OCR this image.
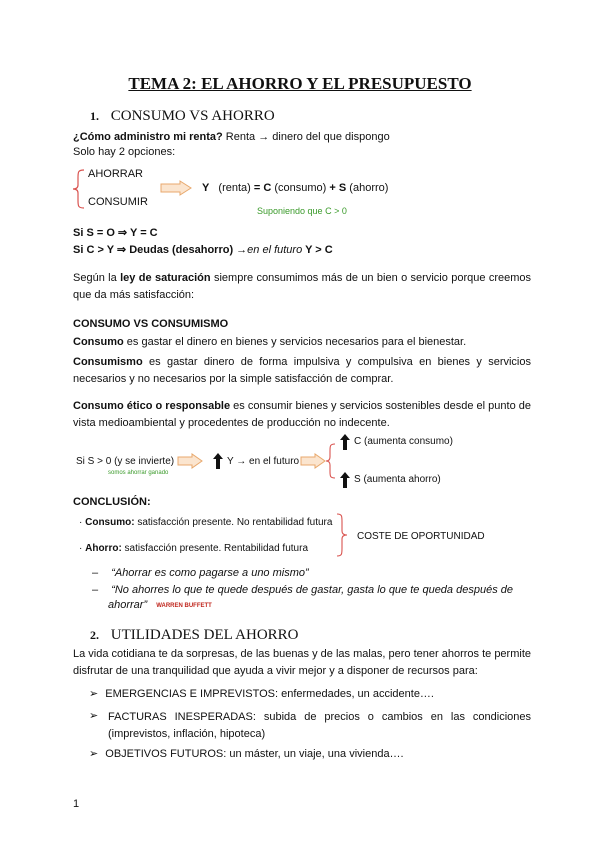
TEMA 2: EL AHORRO Y EL PRESUPUESTO
1. CONSUMO VS AHORRO
¿Cómo administro mi renta? Renta → dinero del que dispongo
Solo hay 2 opciones:
AHORRAR
CONSUMIR
Y (renta) = C (consumo) + S (ahorro)
Suponiendo que C > 0
Si S = O ⇒ Y = C
Si C > Y ⇒ Deudas (desahorro) →en el futuro Y > C
Según la ley de saturación siempre consumimos más de un bien o servicio porque creemos que da más satisfacción:
CONSUMO VS CONSUMISMO
Consumo es gastar el dinero en bienes y servicios necesarios para el bienestar.
Consumismo es gastar dinero de forma impulsiva y compulsiva en bienes y servicios necesarios y no necesarios por la simple satisfacción de comprar.
Consumo ético o responsable es consumir bienes y servicios sostenibles desde el punto de vista medioambiental y procedentes de producción no indecente.
Si S > 0 (y se invierte)
somos ahorrar ganado
Y → en el futuro
C (aumenta consumo)
S (aumenta ahorro)
CONCLUSIÓN:
· Consumo: satisfacción presente. No rentabilidad futura
· Ahorro: satisfacción presente. Rentabilidad futura
COSTE DE OPORTUNIDAD
– “Ahorrar es como pagarse a uno mismo”
– “No ahorres lo que te quede después de gastar, gasta lo que te queda después de
ahorrar” WARREN BUFFETT
2. UTILIDADES DEL AHORRO
La vida cotidiana te da sorpresas, de las buenas y de las malas, pero tener ahorros te permite disfrutar de una tranquilidad que ayuda a vivir mejor y a disponer de recursos para:
➢ EMERGENCIAS E IMPREVISTOS: enfermedades, un accidente….
➢ FACTURAS INESPERADAS: subida de precios o cambios en las condiciones (imprevistos, inflación, hipoteca)
➢ OBJETIVOS FUTUROS: un máster, un viaje, una vivienda….
1
